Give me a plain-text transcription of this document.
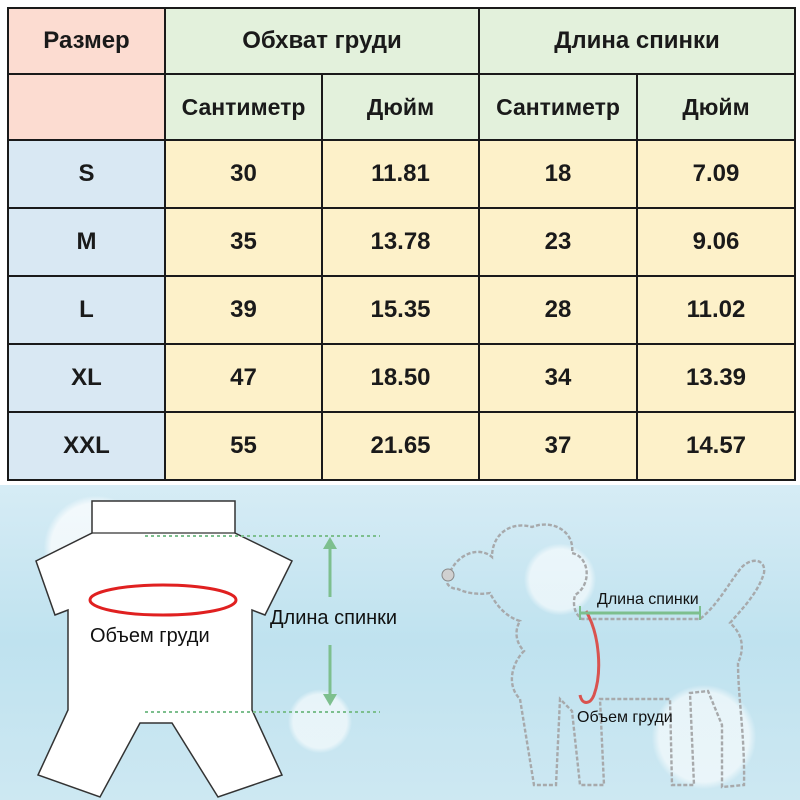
Размер	Обхват груди		Длина спинки	
	Сантиметр	Дюйм	Сантиметр	Дюйм
S	30	11.81	18	7.09
M	35	13.78	23	9.06
L	39	15.35	28	11.02
XL	47	18.50	34	13.39
XXL	55	21.65	37	14.57
Объем груди
Длина спинки
Длина спинки
Объем груди
